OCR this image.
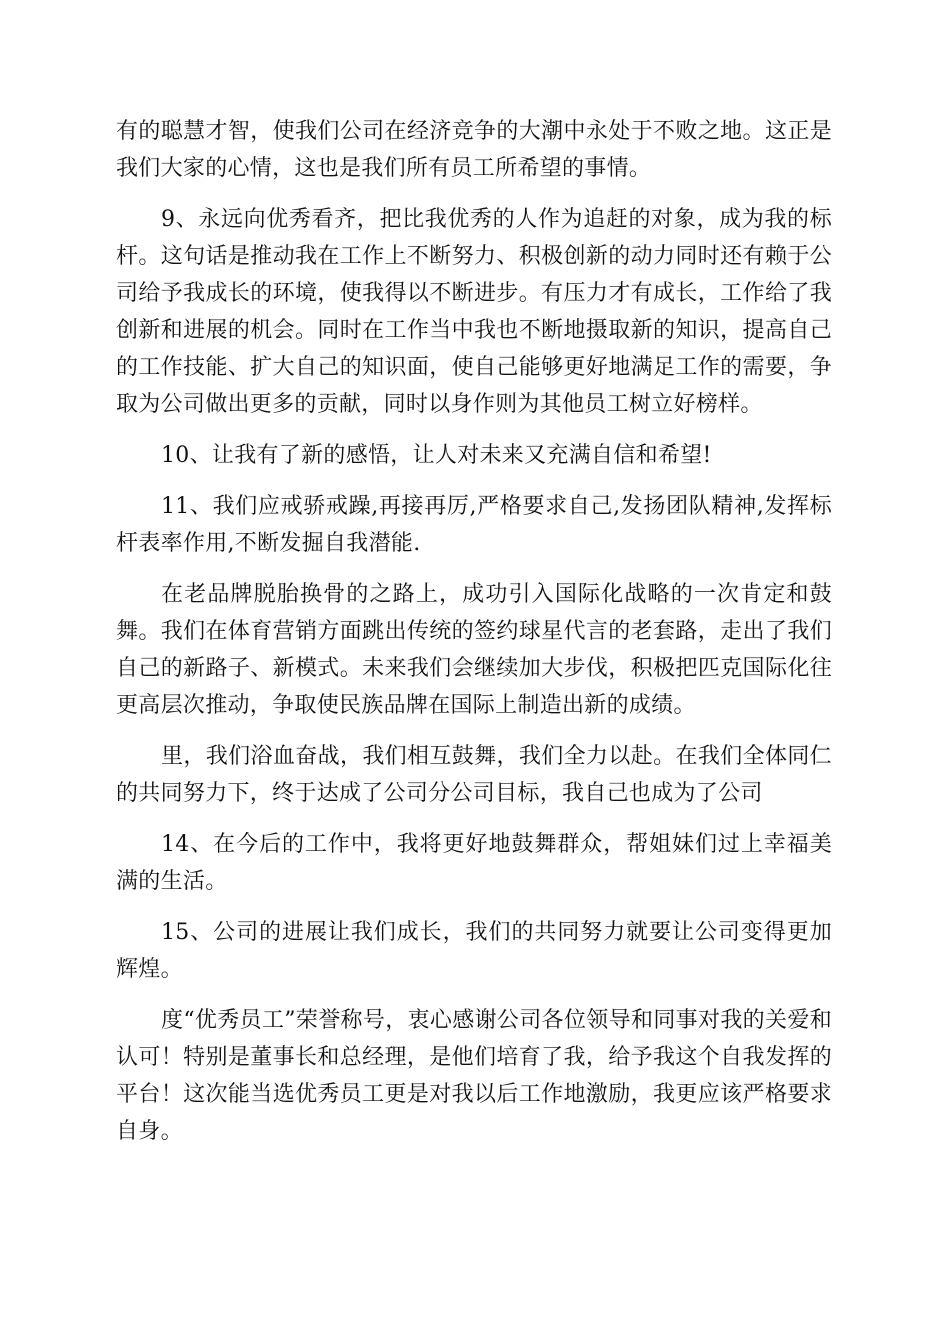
有的聪慧才智，使我们公司在经济竞争的大潮中永处于不败之地。这正是我们大家的心情，这也是我们所有员工所希望的事情。

9、永远向优秀看齐，把比我优秀的人作为追赶的对象，成为我的标杆。这句话是推动我在工作上不断努力、积极创新的动力同时还有赖于公司给予我成长的环境，使我得以不断进步。有压力才有成长，工作给了我创新和进展的机会。同时在工作当中我也不断地摄取新的知识，提高自己的工作技能、扩大自己的知识面，使自己能够更好地满足工作的需要，争取为公司做出更多的贡献，同时以身作则为其他员工树立好榜样。

10、让我有了新的感悟，让人对未来又充满自信和希望!

11、我们应戒骄戒躁,再接再厉,严格要求自己,发扬团队精神,发挥标杆表率作用,不断发掘自我潜能.

在老品牌脱胎换骨的之路上，成功引入国际化战略的一次肯定和鼓舞。我们在体育营销方面跳出传统的签约球星代言的老套路，走出了我们自己的新路子、新模式。未来我们会继续加大步伐，积极把匹克国际化往更高层次推动，争取使民族品牌在国际上制造出新的成绩。

里，我们浴血奋战，我们相互鼓舞，我们全力以赴。在我们全体同仁的共同努力下，终于达成了公司分公司目标，我自己也成为了公司

14、在今后的工作中，我将更好地鼓舞群众，帮姐妹们过上幸福美满的生活。

15、公司的进展让我们成长，我们的共同努力就要让公司变得更加辉煌。

度“优秀员工”荣誉称号，衷心感谢公司各位领导和同事对我的关爱和认可！特别是董事长和总经理，是他们培育了我，给予我这个自我发挥的平台！这次能当选优秀员工更是对我以后工作地激励，我更应该严格要求自身。
